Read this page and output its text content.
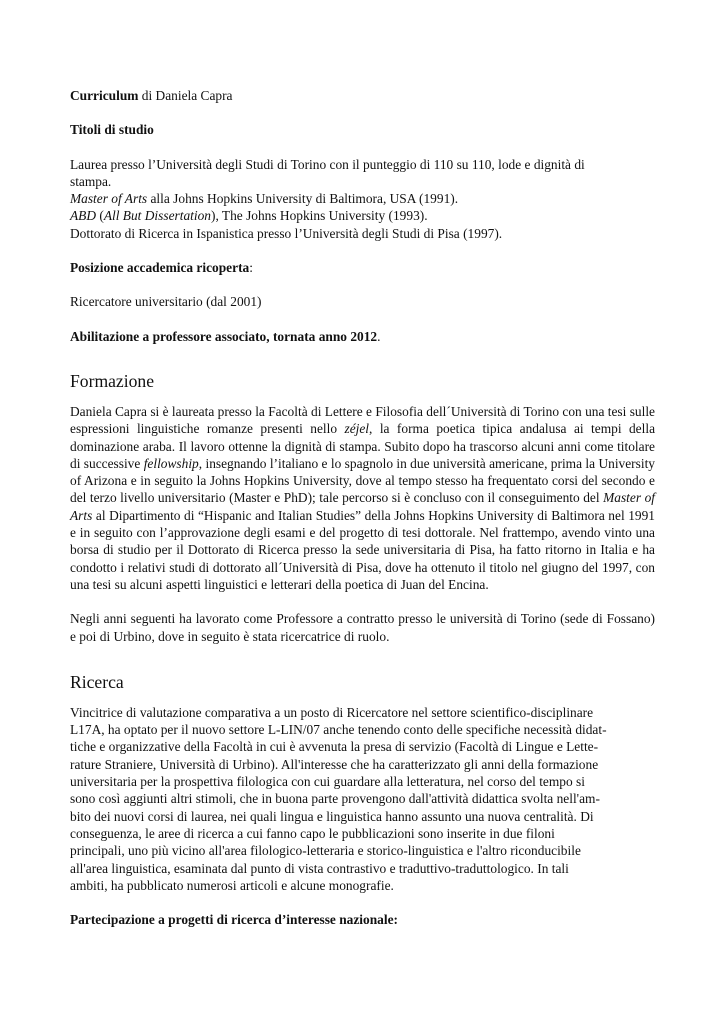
Curriculum di Daniela Capra

Titoli di studio

Laurea presso l’Università degli Studi di Torino con il punteggio di 110 su 110, lode e dignità di
stampa.
Master of Arts alla Johns Hopkins University di Baltimora, USA (1991).
ABD (All But Dissertation), The Johns Hopkins University (1993).
Dottorato di Ricerca in Ispanistica presso l’Università degli Studi di Pisa (1997).

Posizione accademica ricoperta:

Ricercatore universitario (dal 2001)

Abilitazione a professore associato, tornata anno 2012.

Formazione

Daniela Capra si è laureata presso la Facoltà di Lettere e Filosofia dell´Università di Torino con una tesi sulle espressioni linguistiche romanze presenti nello zéjel, la forma poetica tipica andalusa ai tempi della dominazione araba. Il lavoro ottenne la dignità di stampa. Subito dopo ha trascorso alcuni anni come titolare di successive fellowship, insegnando l’italiano e lo spagnolo in due università americane, prima la University of Arizona e in seguito la Johns Hopkins University, dove al tempo stesso ha frequentato corsi del secondo e del terzo livello universitario (Master e PhD); tale percorso si è concluso con il conseguimento del Master of Arts al Dipartimento di “Hispanic and Italian Studies” della Johns Hopkins University di Baltimora nel 1991 e in seguito con l’approvazione degli esami e del progetto di tesi dottorale. Nel frattempo, avendo vinto una borsa di studio per il Dottorato di Ricerca presso la sede universitaria di Pisa, ha fatto ritorno in Italia e ha condotto i relativi studi di dottorato all´Università di Pisa, dove ha ottenuto il titolo nel giugno del 1997, con una tesi su alcuni aspetti linguistici e letterari della poetica di Juan del Encina.

Negli anni seguenti ha lavorato come Professore a contratto presso le università di Torino (sede di Fossano) e poi di Urbino, dove in seguito è stata ricercatrice di ruolo.

Ricerca

Vincitrice di valutazione comparativa a un posto di Ricercatore nel settore scientifico-disciplinare
L17A, ha optato per il nuovo settore L-LIN/07 anche tenendo conto delle specifiche necessità didat-
tiche e organizzative della Facoltà in cui è avvenuta la presa di servizio (Facoltà di Lingue e Lette-
rature Straniere, Università di Urbino). All'interesse che ha caratterizzato gli anni della formazione
universitaria per la prospettiva filologica con cui guardare alla letteratura, nel corso del tempo si
sono così aggiunti altri stimoli, che in buona parte provengono dall'attività didattica svolta nell'am-
bito dei nuovi corsi di laurea, nei quali lingua e linguistica hanno assunto una nuova centralità. Di
conseguenza, le aree di ricerca a cui fanno capo le pubblicazioni sono inserite in due filoni
principali, uno più vicino all'area filologico-letteraria e storico-linguistica e l'altro riconducibile
all'area linguistica, esaminata dal punto di vista contrastivo e traduttivo-traduttologico. In tali
ambiti, ha pubblicato numerosi articoli e alcune monografie.

Partecipazione a progetti di ricerca d’interesse nazionale:
